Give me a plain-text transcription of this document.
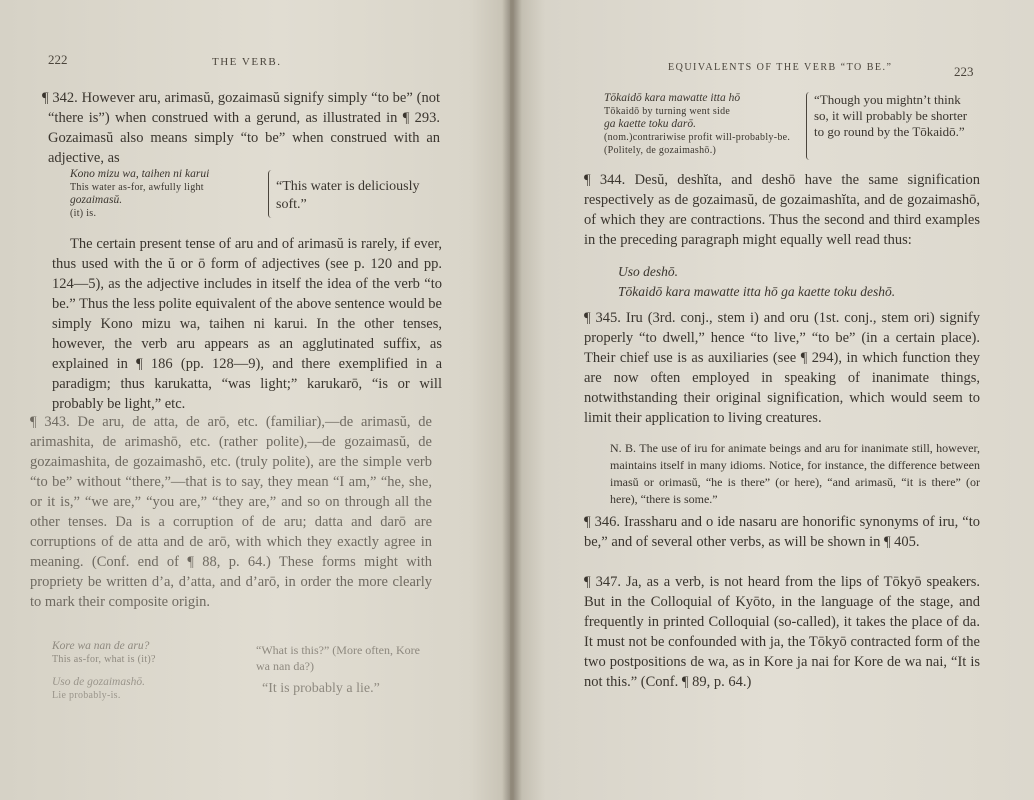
222	THE VERB.

¶ 342. However aru, arimasŭ, gozaimasŭ signify simply “to be” (not “there is”) when construed with a gerund, as illustrated in ¶ 293. Gozaimasŭ also means simply “to be” when construed with an adjective, as

Kono mizu wa, taihen ni karui
This water as-for, awfully light
gozaimasŭ.
(it) is.
“This water is deliciously soft.”

The certain present tense of aru and of arimasŭ is rarely, if ever, thus used with the ŭ or ō form of adjectives (see p. 120 and pp. 124—5), as the adjective includes in itself the idea of the verb “to be.” Thus the less polite equivalent of the above sentence would be simply Kono mizu wa, taihen ni karui. In the other tenses, however, the verb aru appears as an agglutinated suffix, as explained in ¶ 186 (pp. 128—9), and there exemplified in a paradigm; thus karukatta, “was light;” karukarō, “is or will probably be light,” etc.

¶ 343. De aru, de atta, de arō, etc. (familiar),—de arimasŭ, de arimashita, de arimashō, etc. (rather polite),—de gozaimasŭ, de gozaimashita, de gozaimashō, etc. (truly polite), are the simple verb “to be” without “there,”—that is to say, they mean “I am,” “he, she, or it is,” “we are,” “you are,” “they are,” and so on through all the other tenses. Da is a corruption of de aru; datta and darō are corruptions of de atta and de arō, with which they exactly agree in meaning. (Conf. end of ¶ 88, p. 64.) These forms might with propriety be written d’a, d’atta, and d’arō, in order the more clearly to mark their composite origin.

Kore wa nan de aru?
This as-for, what is (it)?
“What is this?” (More often, Kore wa nan da?)
Uso de gozaimashō.
Lie probably-is.	“It is probably a lie.”
EQUIVALENTS OF THE VERB “TO BE.”	223
Tōkaidō kara mawatte itta hō
Tōkaidō by turning went side
ga kaette toku darō.
(nom.)contrariwise profit will-probably-be.
(Politely, de gozaimashō.)
“Though you mightn’t think so, it will probably be shorter to go round by the Tōkaidō.”

¶ 344. Desŭ, deshĭta, and deshō have the same signification respectively as de gozaimasŭ, de gozaimashĭta, and de gozaimashō, of which they are contractions. Thus the second and third examples in the preceding paragraph might equally well read thus:

Uso deshō.
Tōkaidō kara mawatte itta hō ga kaette toku deshō.

¶ 345. Iru (3rd. conj., stem i) and oru (1st. conj., stem ori) signify properly “to dwell,” hence “to live,” “to be” (in a certain place). Their chief use is as auxiliaries (see ¶ 294), in which function they are now often employed in speaking of inanimate things, notwithstanding their original signification, which would seem to limit their application to living creatures.

N. B. The use of iru for animate beings and aru for inanimate still, however, maintains itself in many idioms. Notice, for instance, the difference between imasŭ or orimasŭ, “he is there” (or here), “and arimasŭ, “it is there” (or here), “there is some.”

¶ 346. Irassharu and o ide nasaru are honorific synonyms of iru, “to be,” and of several other verbs, as will be shown in ¶ 405.

¶ 347. Ja, as a verb, is not heard from the lips of Tōkyō speakers. But in the Colloquial of Kyōto, in the language of the stage, and frequently in printed Colloquial (so-called), it takes the place of da. It must not be confounded with ja, the Tōkyō contracted form of the two postpositions de wa, as in Kore ja nai for Kore de wa nai, “It is not this.” (Conf. ¶ 89, p. 64.)
